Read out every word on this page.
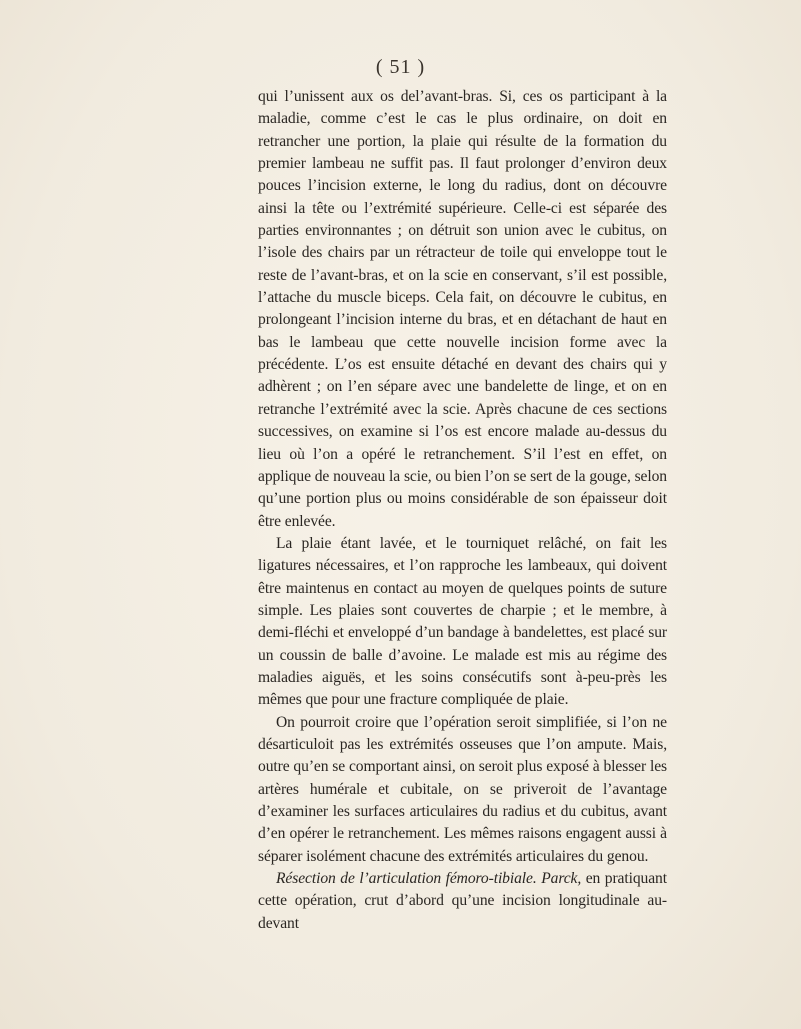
( 51 )

qui l’unissent aux os del’avant-bras. Si, ces os participant à la maladie, comme c’est le cas le plus ordinaire, on doit en retrancher une portion, la plaie qui résulte de la formation du premier lambeau ne suffit pas. Il faut prolonger d’environ deux pouces l’incision externe, le long du radius, dont on découvre ainsi la tête ou l’extrémité supérieure. Celle-ci est séparée des parties environnantes ; on détruit son union avec le cubitus, on l’isole des chairs par un rétracteur de toile qui enveloppe tout le reste de l’avant-bras, et on la scie en conservant, s’il est possible, l’attache du muscle biceps. Cela fait, on découvre le cubitus, en prolongeant l’incision interne du bras, et en détachant de haut en bas le lambeau que cette nouvelle incision forme avec la précédente. L’os est ensuite détaché en devant des chairs qui y adhèrent ; on l’en sépare avec une bandelette de linge, et on en retranche l’extrémité avec la scie. Après chacune de ces sections successives, on examine si l’os est encore malade au-dessus du lieu où l’on a opéré le retranchement. S’il l’est en effet, on applique de nouveau la scie, ou bien l’on se sert de la gouge, selon qu’une portion plus ou moins considérable de son épaisseur doit être enlevée.

La plaie étant lavée, et le tourniquet relâché, on fait les ligatures nécessaires, et l’on rapproche les lambeaux, qui doivent être maintenus en contact au moyen de quelques points de suture simple. Les plaies sont couvertes de charpie ; et le membre, à demi-fléchi et enveloppé d’un bandage à bandelettes, est placé sur un coussin de balle d’avoine. Le malade est mis au régime des maladies aiguës, et les soins consécutifs sont à-peu-près les mêmes que pour une fracture compliquée de plaie.

On pourroit croire que l’opération seroit simplifiée, si l’on ne désarticuloit pas les extrémités osseuses que l’on ampute. Mais, outre qu’en se comportant ainsi, on seroit plus exposé à blesser les artères humérale et cubitale, on se priveroit de l’avantage d’examiner les surfaces articulaires du radius et du cubitus, avant d’en opérer le retranchement. Les mêmes raisons engagent aussi à séparer isolément chacune des extrémités articulaires du genou.

Résection de l’articulation fémoro-tibiale. Parck, en pratiquant cette opération, crut d’abord qu’une incision longitudinale au-devant
